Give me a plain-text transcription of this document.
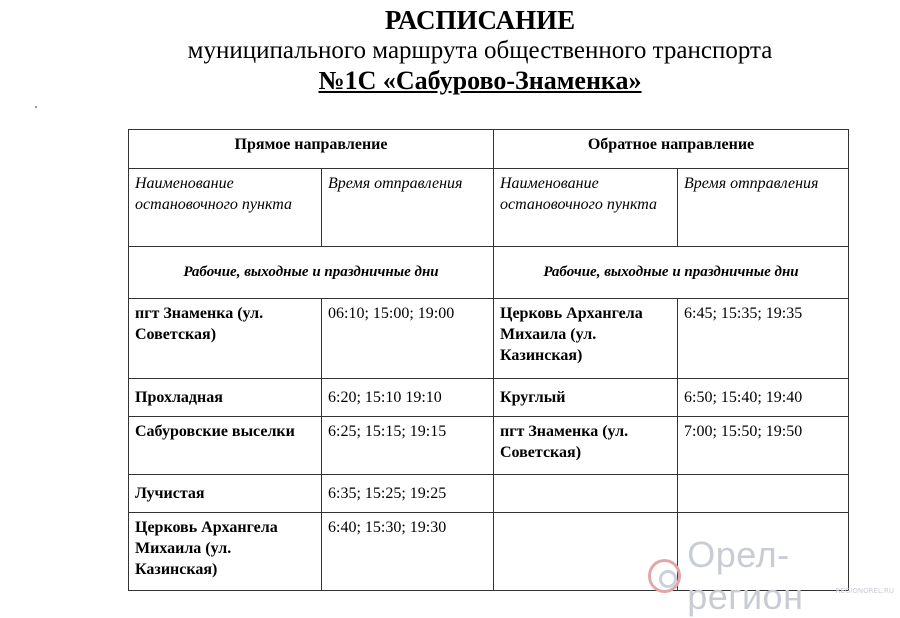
РАСПИСАНИЕ
муниципального маршрута общественного транспорта
№1С «Сабурово-Знаменка»
Прямое направление		Обратное направление	
Наименование остановочного пункта	Время отправления	Наименование остановочного пункта	Время отправления
Рабочие, выходные и праздничные дни		Рабочие, выходные и праздничные дни	
пгт Знаменка (ул. Советская)	06:10; 15:00; 19:00	Церковь Архангела Михаила (ул. Казинская)	6:45; 15:35; 19:35
Прохладная	6:20; 15:10 19:10	Круглый	6:50; 15:40; 19:40
Сабуровские выселки	6:25; 15:15; 19:15	пгт Знаменка (ул. Советская)	7:00; 15:50; 19:50
Лучистая	6:35; 15:25; 19:25		
Церковь Архангела Михаила (ул. Казинская)	6:40; 15:30; 19:30		
Орел-регион	REGIONOREL.RU
